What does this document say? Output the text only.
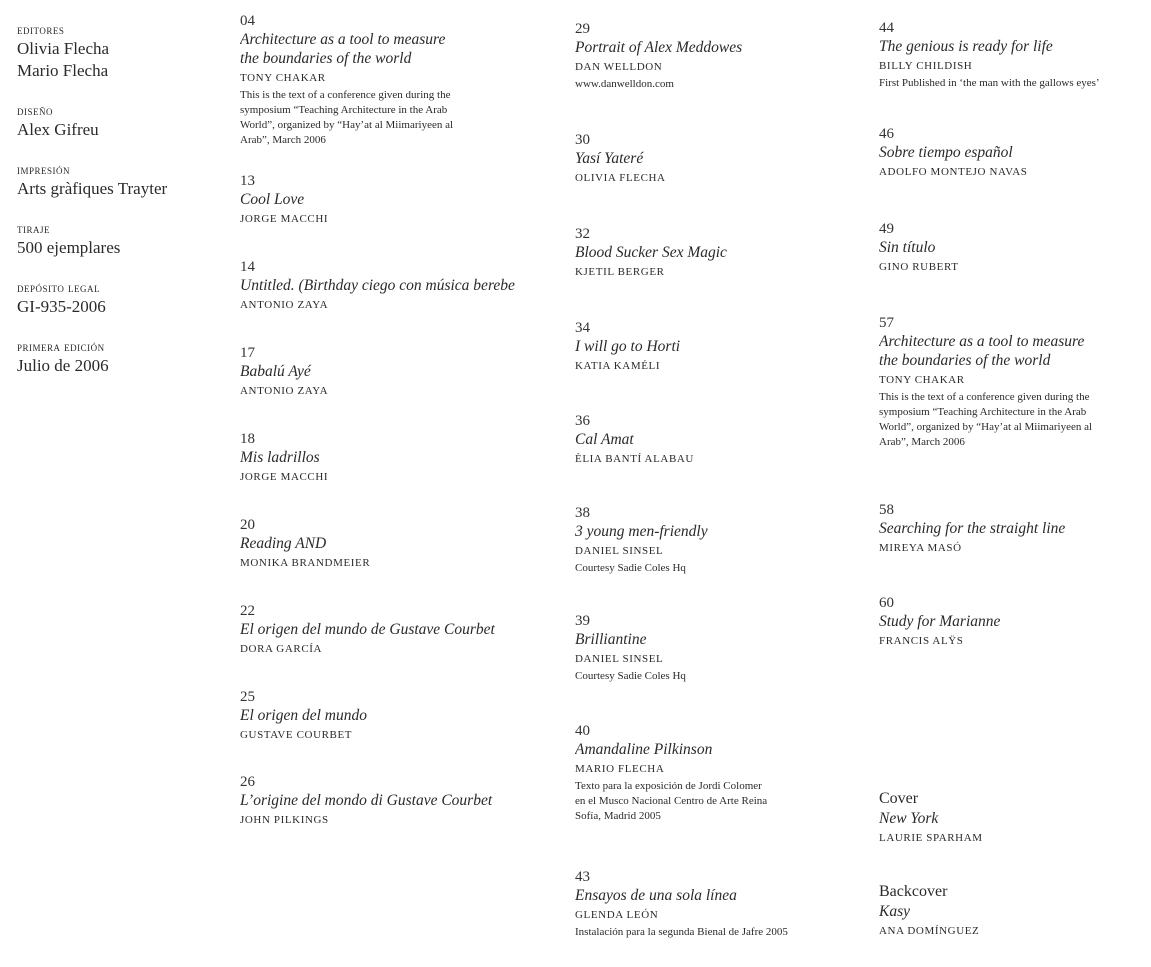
editores
Olivia Flecha
Mario Flecha
diseño
Alex Gifreu
impresión
Arts gràfiques Trayter
tiraje
500 ejemplares
depósito legal
GI-935-2006
primera edición
Julio de 2006
04
Architecture as a tool to measure
the boundaries of the world
TONY CHAKAR
This is the text of a conference given during the
symposium “Teaching Architecture in the Arab
World”, organized by “Hay’at al Miimariyeen al
Arab”, March 2006
13
Cool Love
JORGE MACCHI
14
Untitled. (Birthday ciego con música berebe
ANTONIO ZAYA
17
Babalú Ayé
ANTONIO ZAYA
18
Mis ladrillos
JORGE MACCHI
20
Reading AND
MONIKA BRANDMEIER
22
El origen del mundo de Gustave Courbet
DORA GARCÍA
25
El origen del mundo
GUSTAVE COURBET
26
L’origine del mondo di Gustave Courbet
JOHN PILKINGS
29
Portrait of Alex Meddowes
DAN WELLDON
www.danwelldon.com
30
Yasí Yateré
OLIVIA FLECHA
32
Blood Sucker Sex Magic
KJETIL BERGER
34
I will go to Horti
KATIA KAMÉLI
36
Cal Amat
ÈLIA BANTÍ ALABAU
38
3 young men-friendly
DANIEL SINSEL
Courtesy Sadie Coles Hq
39
Brilliantine
DANIEL SINSEL
Courtesy Sadie Coles Hq
40
Amandaline Pilkinson
MARIO FLECHA
Texto para la exposición de Jordi Colomer
en el Musco Nacional Centro de Arte Reina
Sofía, Madrid 2005
43
Ensayos de una sola línea
GLENDA LEÓN
Instalación para la segunda Bienal de Jafre 2005
44
The genious is ready for life
BILLY CHILDISH
First Published in ‘the man with the gallows eyes’
46
Sobre tiempo español
ADOLFO MONTEJO NAVAS
49
Sin título
GINO RUBERT
57
Architecture as a tool to measure
the boundaries of the world
TONY CHAKAR
This is the text of a conference given during the
symposium “Teaching Architecture in the Arab
World”, organized by “Hay’at al Miimariyeen al
Arab”, March 2006
58
Searching for the straight line
MIREYA MASÓ
60
Study for Marianne
FRANCIS ALŸS
Cover
New York
LAURIE SPARHAM
Backcover
Kasy
ANA DOMÍNGUEZ
